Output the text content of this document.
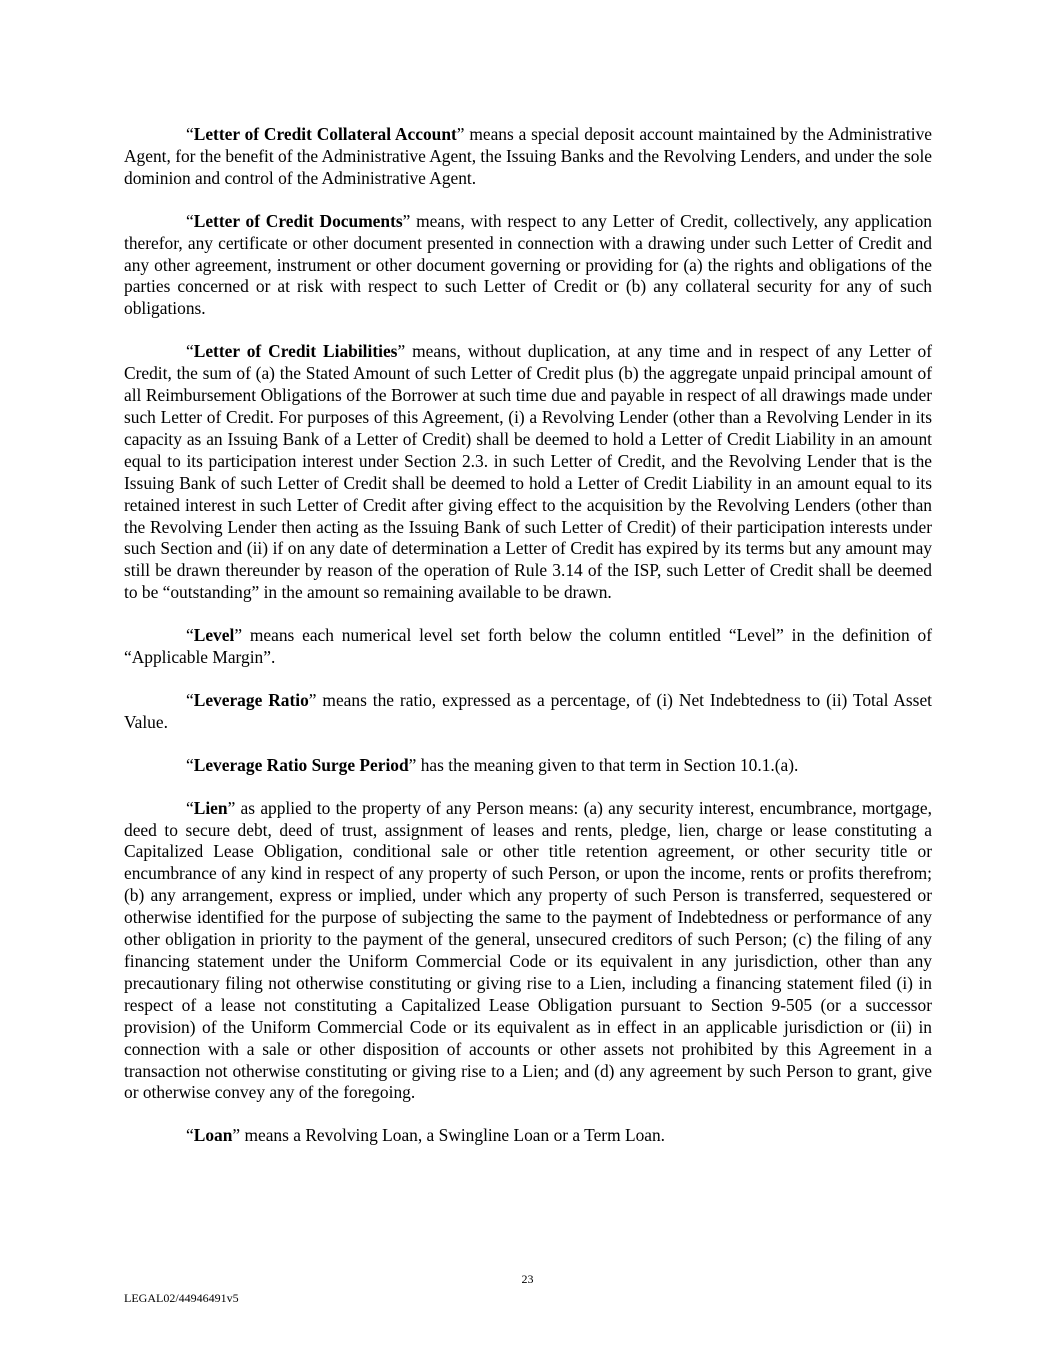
“Letter of Credit Collateral Account” means a special deposit account maintained by the Administrative Agent, for the benefit of the Administrative Agent, the Issuing Banks and the Revolving Lenders, and under the sole dominion and control of the Administrative Agent.

“Letter of Credit Documents” means, with respect to any Letter of Credit, collectively, any application therefor, any certificate or other document presented in connection with a drawing under such Letter of Credit and any other agreement, instrument or other document governing or providing for (a) the rights and obligations of the parties concerned or at risk with respect to such Letter of Credit or (b) any collateral security for any of such obligations.

“Letter of Credit Liabilities” means, without duplication, at any time and in respect of any Letter of Credit, the sum of (a) the Stated Amount of such Letter of Credit plus (b) the aggregate unpaid principal amount of all Reimbursement Obligations of the Borrower at such time due and payable in respect of all drawings made under such Letter of Credit. For purposes of this Agreement, (i) a Revolving Lender (other than a Revolving Lender in its capacity as an Issuing Bank of a Letter of Credit) shall be deemed to hold a Letter of Credit Liability in an amount equal to its participation interest under Section 2.3. in such Letter of Credit, and the Revolving Lender that is the Issuing Bank of such Letter of Credit shall be deemed to hold a Letter of Credit Liability in an amount equal to its retained interest in such Letter of Credit after giving effect to the acquisition by the Revolving Lenders (other than the Revolving Lender then acting as the Issuing Bank of such Letter of Credit) of their participation interests under such Section and (ii) if on any date of determination a Letter of Credit has expired by its terms but any amount may still be drawn thereunder by reason of the operation of Rule 3.14 of the ISP, such Letter of Credit shall be deemed to be “outstanding” in the amount so remaining available to be drawn.

“Level” means each numerical level set forth below the column entitled “Level” in the definition of “Applicable Margin”.

“Leverage Ratio” means the ratio, expressed as a percentage, of (i) Net Indebtedness to (ii) Total Asset Value.

“Leverage Ratio Surge Period” has the meaning given to that term in Section 10.1.(a).

“Lien” as applied to the property of any Person means: (a) any security interest, encumbrance, mortgage, deed to secure debt, deed of trust, assignment of leases and rents, pledge, lien, charge or lease constituting a Capitalized Lease Obligation, conditional sale or other title retention agreement, or other security title or encumbrance of any kind in respect of any property of such Person, or upon the income, rents or profits therefrom; (b) any arrangement, express or implied, under which any property of such Person is transferred, sequestered or otherwise identified for the purpose of subjecting the same to the payment of Indebtedness or performance of any other obligation in priority to the payment of the general, unsecured creditors of such Person; (c) the filing of any financing statement under the Uniform Commercial Code or its equivalent in any jurisdiction, other than any precautionary filing not otherwise constituting or giving rise to a Lien, including a financing statement filed (i) in respect of a lease not constituting a Capitalized Lease Obligation pursuant to Section 9-505 (or a successor provision) of the Uniform Commercial Code or its equivalent as in effect in an applicable jurisdiction or (ii) in connection with a sale or other disposition of accounts or other assets not prohibited by this Agreement in a transaction not otherwise constituting or giving rise to a Lien; and (d) any agreement by such Person to grant, give or otherwise convey any of the foregoing.

“Loan” means a Revolving Loan, a Swingline Loan or a Term Loan.

23
LEGAL02/44946491v5
